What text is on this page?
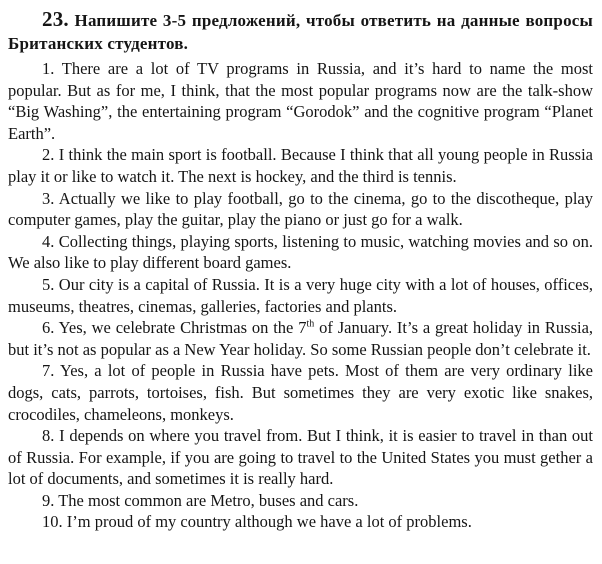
23. Напишите 3-5 предложений, чтобы ответить на данные вопросы Британских студентов.

1. There are a lot of TV programs in Russia, and it’s hard to name the most popular. But as for me, I think, that the most popular programs now are the talk-show “Big Washing”, the entertaining program “Gorodok” and the cognitive program “Planet Earth”.

2. I think the main sport is football. Because I think that all young people in Russia play it or like to watch it. The next is hockey, and the third is tennis.

3. Actually we like to play football, go to the cinema, go to the discotheque, play computer games, play the guitar, play the piano or just go for a walk.

4. Collecting things, playing sports, listening to music, watching movies and so on. We also like to play different board games.

5. Our city is a capital of Russia. It is a very huge city with a lot of houses, offices, museums, theatres, cinemas, galleries, factories and plants.

6. Yes, we celebrate Christmas on the 7th of January. It’s a great holiday in Russia, but it’s not as popular as a New Year holiday. So some Russian people don’t celebrate it.

7. Yes, a lot of people in Russia have pets. Most of them are very ordinary like dogs, cats, parrots, tortoises, fish. But sometimes they are very exotic like snakes, crocodiles, chameleons, monkeys.

8. I depends on where you travel from. But I think, it is easier to travel in than out of Russia. For example, if you are going to travel to the United States you must gether a lot of documents, and sometimes it is really hard.

9. The most common are Metro, buses and cars.

10. I’m proud of my country although we have a lot of problems.
